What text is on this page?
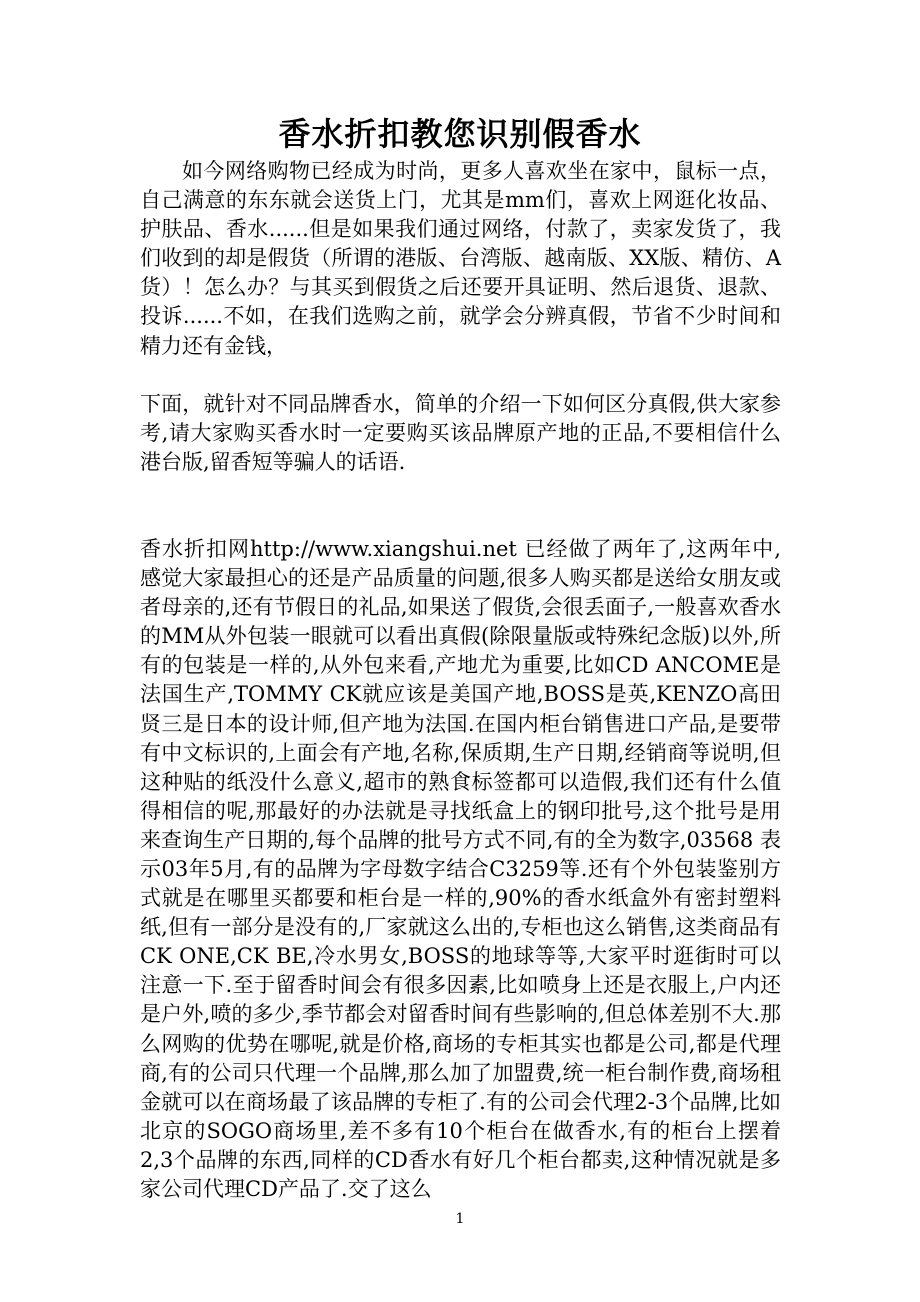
香水折扣教您识别假香水

如今网络购物已经成为时尚，更多人喜欢坐在家中，鼠标一点，自己满意的东东就会送货上门，尤其是mm们，喜欢上网逛化妆品、护肤品、香水......但是如果我们通过网络，付款了，卖家发货了，我们收到的却是假货（所谓的港版、台湾版、越南版、XX版、精仿、A货）！怎么办？与其买到假货之后还要开具证明、然后退货、退款、投诉......不如，在我们选购之前，就学会分辨真假，节省不少时间和精力还有金钱，

下面，就针对不同品牌香水，简单的介绍一下如何区分真假,供大家参考,请大家购买香水时一定要购买该品牌原产地的正品,不要相信什么港台版,留香短等骗人的话语.

香水折扣网http://www.xiangshui.net 已经做了两年了,这两年中,感觉大家最担心的还是产品质量的问题,很多人购买都是送给女朋友或者母亲的,还有节假日的礼品,如果送了假货,会很丢面子,一般喜欢香水的MM从外包装一眼就可以看出真假(除限量版或特殊纪念版)以外,所有的包装是一样的,从外包来看,产地尤为重要,比如CD ANCOME是法国生产,TOMMY CK就应该是美国产地,BOSS是英,KENZO高田贤三是日本的设计师,但产地为法国.在国内柜台销售进口产品,是要带有中文标识的,上面会有产地,名称,保质期,生产日期,经销商等说明,但这种贴的纸没什么意义,超市的熟食标签都可以造假,我们还有什么值得相信的呢,那最好的办法就是寻找纸盒上的钢印批号,这个批号是用来查询生产日期的,每个品牌的批号方式不同,有的全为数字,03568 表示03年5月,有的品牌为字母数字结合C3259等.还有个外包装鉴别方式就是在哪里买都要和柜台是一样的,90%的香水纸盒外有密封塑料纸,但有一部分是没有的,厂家就这么出的,专柜也这么销售,这类商品有CK ONE,CK BE,冷水男女,BOSS的地球等等,大家平时逛街时可以注意一下.至于留香时间会有很多因素,比如喷身上还是衣服上,户内还是户外,喷的多少,季节都会对留香时间有些影响的,但总体差别不大.那么网购的优势在哪呢,就是价格,商场的专柜其实也都是公司,都是代理商,有的公司只代理一个品牌,那么加了加盟费,统一柜台制作费,商场租金就可以在商场最了该品牌的专柜了.有的公司会代理2-3个品牌,比如北京的SOGO商场里,差不多有10个柜台在做香水,有的柜台上摆着2,3个品牌的东西,同样的CD香水有好几个柜台都卖,这种情况就是多家公司代理CD产品了.交了这么

1
